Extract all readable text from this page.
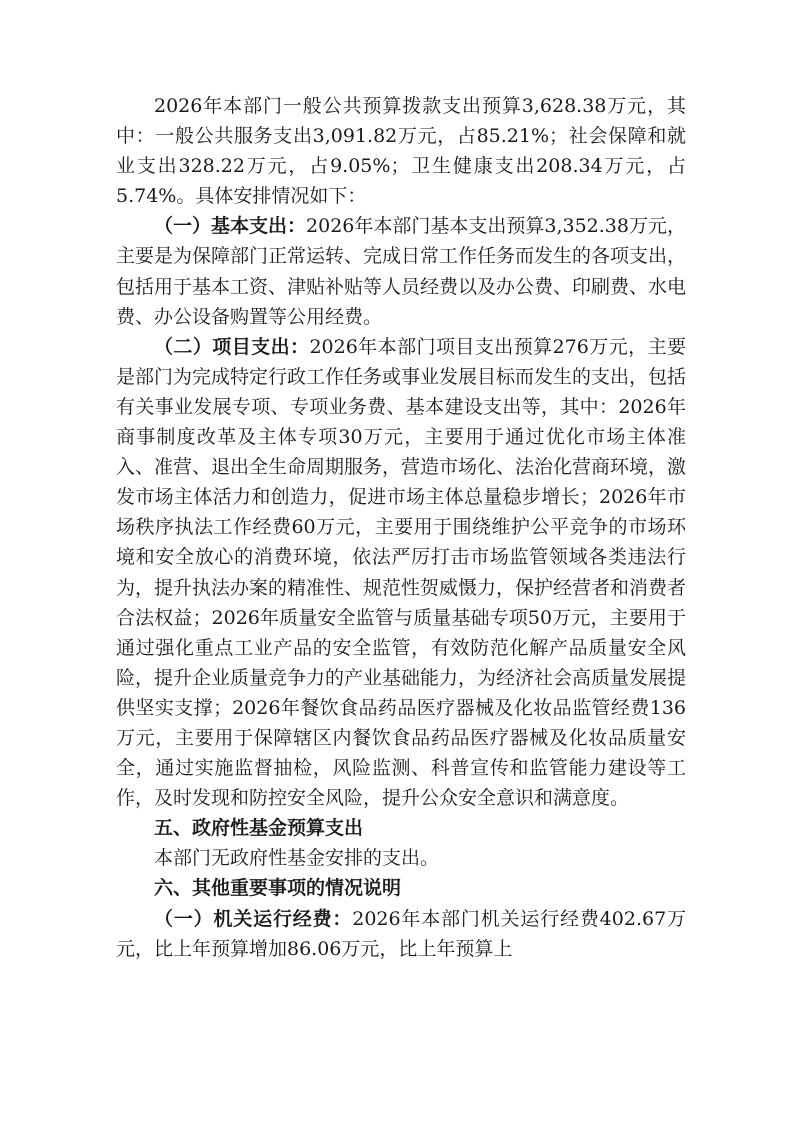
2026年本部门一般公共预算拨款支出预算3,628.38万元，其中：一般公共服务支出3,091.82万元，占85.21%；社会保障和就业支出328.22万元，占9.05%；卫生健康支出208.34万元，占5.74%。具体安排情况如下：

（一）基本支出：2026年本部门基本支出预算3,352.38万元，主要是为保障部门正常运转、完成日常工作任务而发生的各项支出，包括用于基本工资、津贴补贴等人员经费以及办公费、印刷费、水电费、办公设备购置等公用经费。

（二）项目支出：2026年本部门项目支出预算276万元，主要是部门为完成特定行政工作任务或事业发展目标而发生的支出，包括有关事业发展专项、专项业务费、基本建设支出等，其中：2026年商事制度改革及主体专项30万元，主要用于通过优化市场主体准入、准营、退出全生命周期服务，营造市场化、法治化营商环境，激发市场主体活力和创造力，促进市场主体总量稳步增长；2026年市场秩序执法工作经费60万元，主要用于围绕维护公平竞争的市场环境和安全放心的消费环境，依法严厉打击市场监管领域各类违法行为，提升执法办案的精准性、规范性贺威慑力，保护经营者和消费者合法权益；2026年质量安全监管与质量基础专项50万元，主要用于通过强化重点工业产品的安全监管，有效防范化解产品质量安全风险，提升企业质量竞争力的产业基础能力，为经济社会高质量发展提供坚实支撑；2026年餐饮食品药品医疗器械及化妆品监管经费136万元，主要用于保障辖区内餐饮食品药品医疗器械及化妆品质量安全，通过实施监督抽检，风险监测、科普宣传和监管能力建设等工作，及时发现和防控安全风险，提升公众安全意识和满意度。

五、政府性基金预算支出

本部门无政府性基金安排的支出。

六、其他重要事项的情况说明

（一）机关运行经费：2026年本部门机关运行经费402.67万元，比上年预算增加86.06万元，比上年预算上
